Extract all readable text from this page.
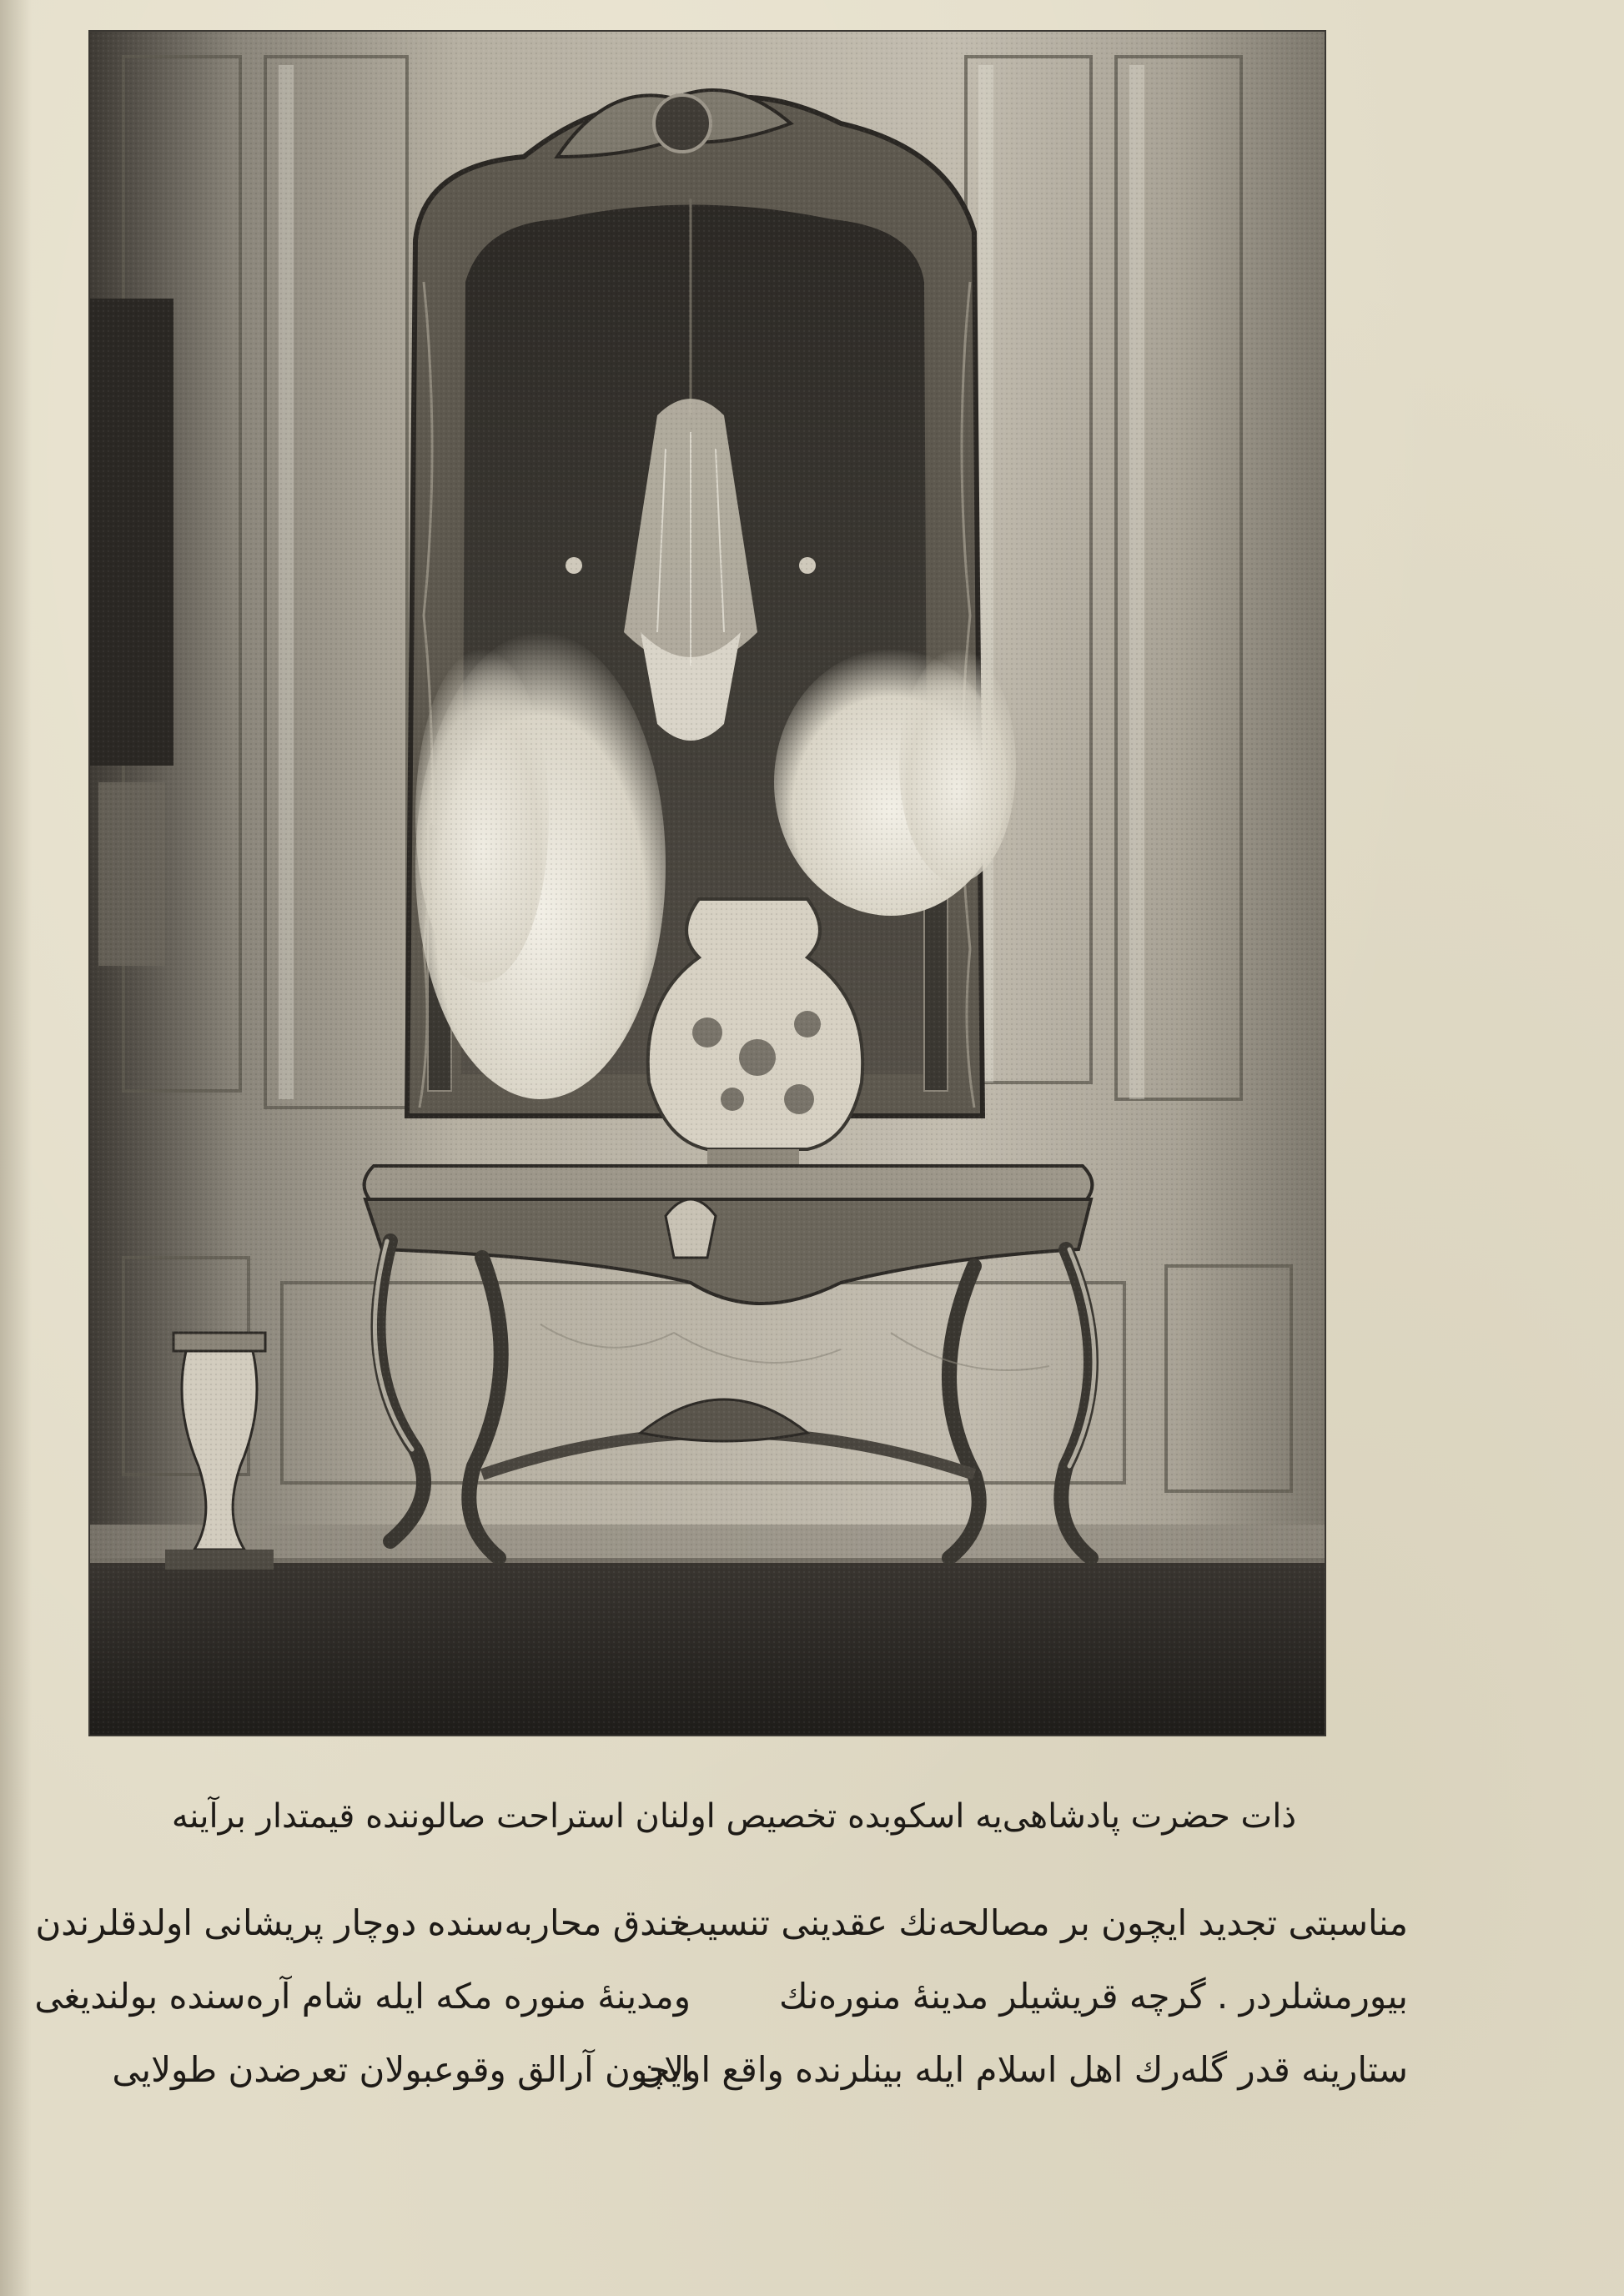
ذات حضرت پادشاهی‌یه اسکوبده تخصیص اولنان استراحت صالوننده قیمتدار برآینه
مناسبتی تجدید ایچون بر مصالحه‌نك عقدینی تنسیب
بیورمشلردر . گرچه قریشیلر مدینۀ منوره‌نك
ستارینه قدر گله‌رك اهل اسلام ایله بینلرنده واقع اولان
خندق محاربه‌سنده دوچار پریشانی اولدقلرندن
ومدینۀ منوره مکه ایله شام آره‌سنده بولندیغی
ایچون آرالق وقوعبولان تعرضدن طولایی
